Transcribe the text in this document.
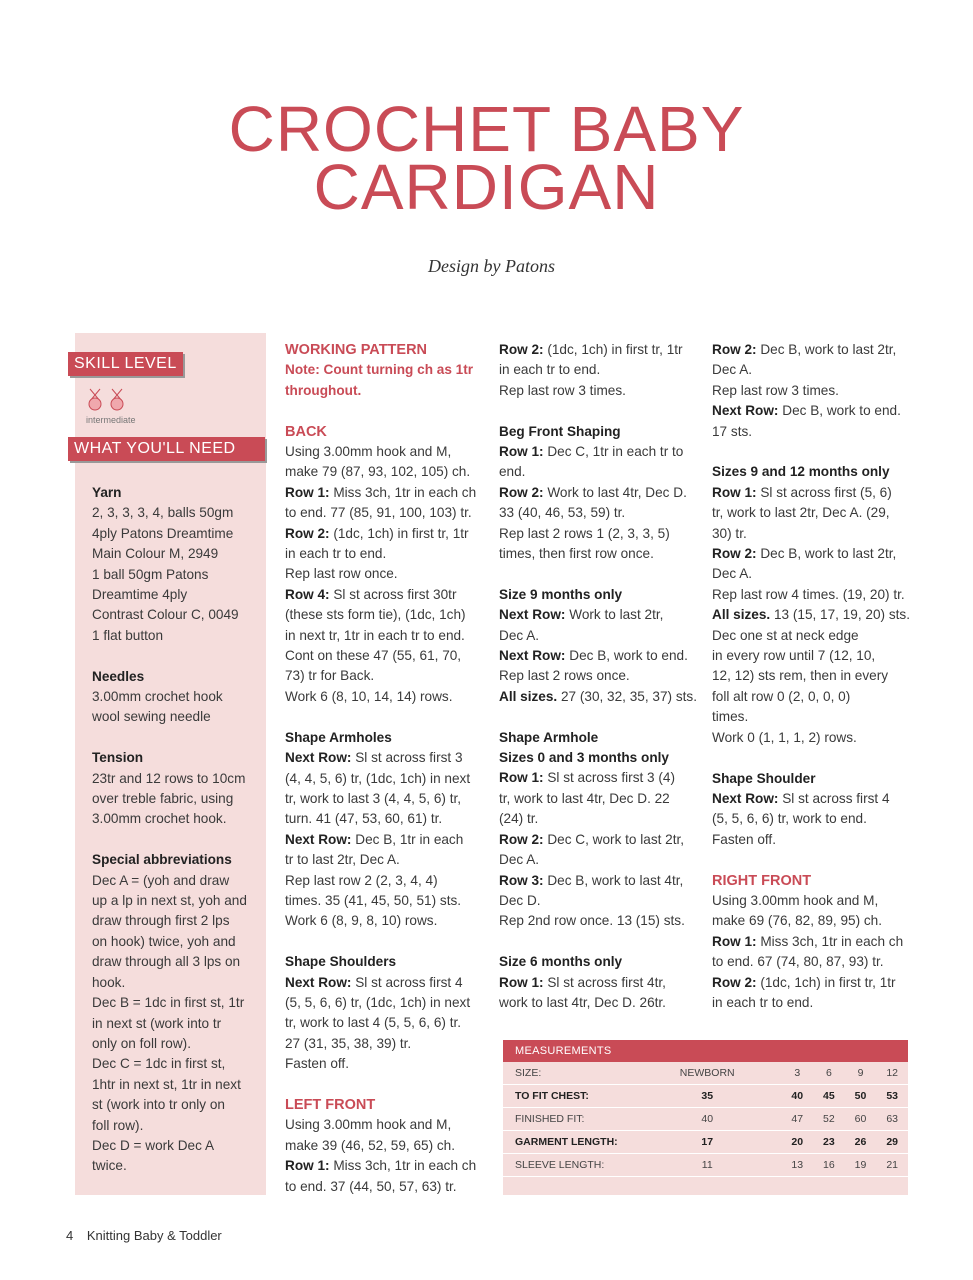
CROCHET BABY
CARDIGAN
Design by Patons
SKILL LEVEL
intermediate
WHAT YOU'LL NEED

Yarn

2, 3, 3, 3, 4, balls 50gm

4ply Patons Dreamtime

Main Colour M, 2949

1 ball 50gm Patons

Dreamtime 4ply

Contrast Colour C, 0049

1 flat button

Needles

3.00mm crochet hook

wool sewing needle

Tension

23tr and 12 rows to 10cm

over treble fabric, using

3.00mm crochet hook.

Special abbreviations

Dec A = (yoh and draw

up a lp in next st, yoh and

draw through first 2 lps

on hook) twice, yoh and

draw through all 3 lps on

hook.

Dec B = 1dc in first st, 1tr

in next st (work into tr

only on foll row).

Dec C = 1dc in first st,

1htr in next st, 1tr in next

st (work into tr only on

foll row).

Dec D = work Dec A

twice.

WORKING PATTERN

Note: Count turning ch as 1tr

throughout.

BACK

Using 3.00mm hook and M,

make 79 (87, 93, 102, 105) ch.

Row 1: Miss 3ch, 1tr in each ch

to end. 77 (85, 91, 100, 103) tr.

Row 2: (1dc, 1ch) in first tr, 1tr

in each tr to end.

Rep last row once.

Row 4: Sl st across first 30tr

(these sts form tie), (1dc, 1ch)

in next tr, 1tr in each tr to end.

Cont on these 47 (55, 61, 70,

73) tr for Back.

Work 6 (8, 10, 14, 14) rows.

Shape Armholes

Next Row: Sl st across first 3

(4, 4, 5, 6) tr, (1dc, 1ch) in next

tr, work to last 3 (4, 4, 5, 6) tr,

turn. 41 (47, 53, 60, 61) tr.

Next Row: Dec B, 1tr in each

tr to last 2tr, Dec A.

Rep last row 2 (2, 3, 4, 4)

times. 35 (41, 45, 50, 51) sts.

Work 6 (8, 9, 8, 10) rows.

Shape Shoulders

Next Row: Sl st across first 4

(5, 5, 6, 6) tr, (1dc, 1ch) in next

tr, work to last 4 (5, 5, 6, 6) tr.

27 (31, 35, 38, 39) tr.

Fasten off.

LEFT FRONT

Using 3.00mm hook and M,

make 39 (46, 52, 59, 65) ch.

Row 1: Miss 3ch, 1tr in each ch

to end. 37 (44, 50, 57, 63) tr.

Row 2: (1dc, 1ch) in first tr, 1tr

in each tr to end.

Rep last row 3 times.

Beg Front Shaping

Row 1: Dec C, 1tr in each tr to

end.

Row 2: Work to last 4tr, Dec D.

33 (40, 46, 53, 59) tr.

Rep last 2 rows 1 (2, 3, 3, 5)

times, then first row once.

Size 9 months only

Next Row: Work to last 2tr,

Dec A.

Next Row: Dec B, work to end.

Rep last 2 rows once.

All sizes. 27 (30, 32, 35, 37) sts.

Shape Armhole

Sizes 0 and 3 months only

Row 1: Sl st across first 3 (4)

tr, work to last 4tr, Dec D. 22

(24) tr.

Row 2: Dec C, work to last 2tr,

Dec A.

Row 3: Dec B, work to last 4tr,

Dec D.

Rep 2nd row once. 13 (15) sts.

Size 6 months only

Row 1: Sl st across first 4tr,

work to last 4tr, Dec D. 26tr.

Row 2: Dec B, work to last 2tr,

Dec A.

Rep last row 3 times.

Next Row: Dec B, work to end.

17 sts.

Sizes 9 and 12 months only

Row 1: Sl st across first (5, 6)

tr, work to last 2tr, Dec A. (29,

30) tr.

Row 2: Dec B, work to last 2tr,

Dec A.

Rep last row 4 times. (19, 20) tr.

All sizes. 13 (15, 17, 19, 20) sts.

Dec one st at neck edge

in every row until 7 (12, 10,

12, 12) sts rem, then in every

foll alt row 0 (2, 0, 0, 0)

times.

Work 0 (1, 1, 1, 2) rows.

Shape Shoulder

Next Row: Sl st across first 4

(5, 5, 6, 6) tr, work to end.

Fasten off.

RIGHT FRONT

Using 3.00mm hook and M,

make 69 (76, 82, 89, 95) ch.

Row 1: Miss 3ch, 1tr in each ch

to end. 67 (74, 80, 87, 93) tr.

Row 2: (1dc, 1ch) in first tr, 1tr

in each tr to end.

MEASUREMENTS
SIZE:	NEWBORN	3	6	9	12
TO FIT CHEST:	35	40	45	50	53
FINISHED FIT:	40	47	52	60	63
GARMENT LENGTH:	17	20	23	26	29
SLEEVE LENGTH:	11	13	16	19	21
4 Knitting Baby & Toddler
